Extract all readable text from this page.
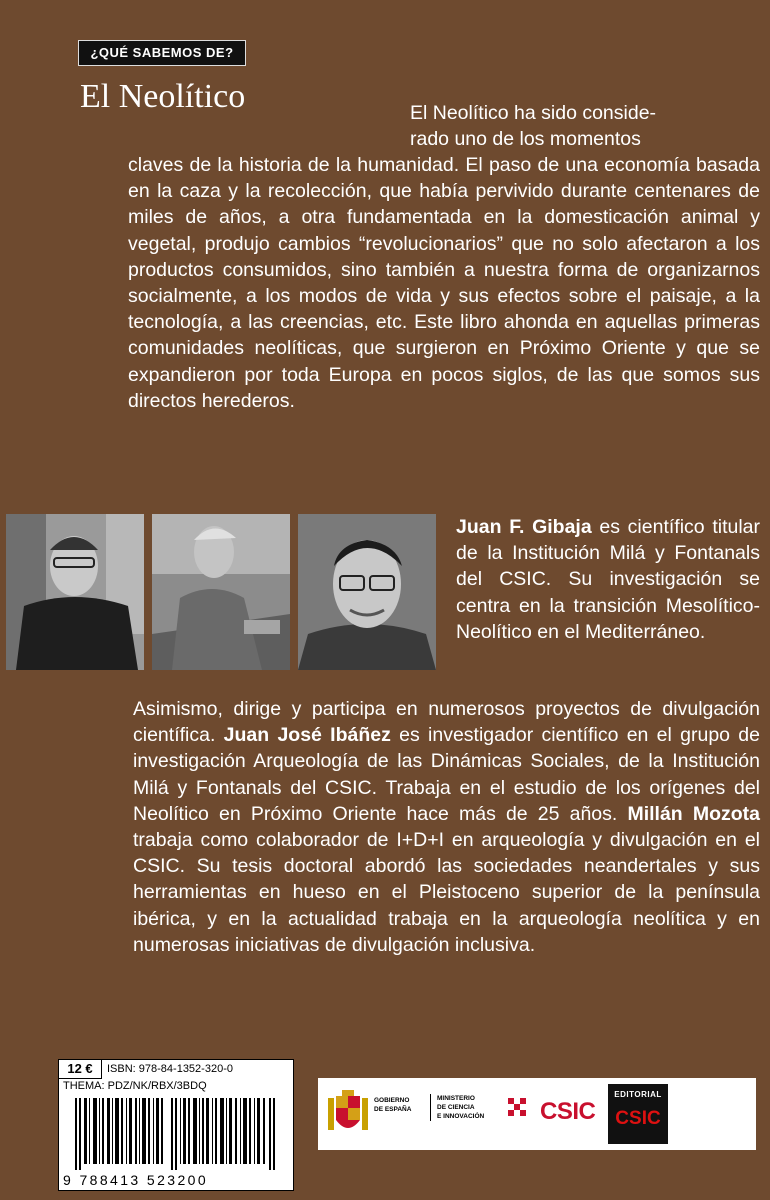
¿QUÉ SABEMOS DE?
El Neolítico	El Neolítico ha sido conside-
rado uno de los momentos

claves de la historia de la humanidad. El paso de una economía basada en la caza y la recolección, que había pervivido durante centenares de miles de años, a otra fundamentada en la domesticación animal y vegetal, produjo cambios “revolucionarios” que no solo afectaron a los productos consumidos, sino también a nuestra forma de organizarnos socialmente, a los modos de vida y sus efectos sobre el paisaje, a la tecnología, a las creencias, etc. Este libro ahonda en aquellas primeras comunidades neolíticas, que surgieron en Próximo Oriente y que se expandieron por toda Europa en pocos siglos, de las que somos sus directos herederos.

Juan F. Gibaja es científico titular de la Institución Milá y Fontanals del CSIC. Su investigación se centra en la transición Mesolítico-Neolítico en el Mediterráneo.

Asimismo, dirige y participa en numerosos proyectos de divulgación científica. Juan José Ibáñez es investigador científico en el grupo de investigación Arqueología de las Dinámicas Sociales, de la Institución Milá y Fontanals del CSIC. Trabaja en el estudio de los orígenes del Neolítico en Próximo Oriente hace más de 25 años. Millán Mozota trabaja como colaborador de I+D+I en arqueología y divulgación en el CSIC. Su tesis doctoral abordó las sociedades neandertales y sus herramientas en hueso en el Pleistoceno superior de la península ibérica, y en la actualidad trabaja en la arqueología neolítica y en numerosas iniciativas de divulgación inclusiva.

12 €	ISBN: 978-84-1352-320-0
THEMA: PDZ/NK/RBX/3BDQ
9 788413 523200
GOBIERNO
DE ESPAÑA
MINISTERIO
DE CIENCIA
E INNOVACIÓN CSIC
EDITORIAL
CSIC
